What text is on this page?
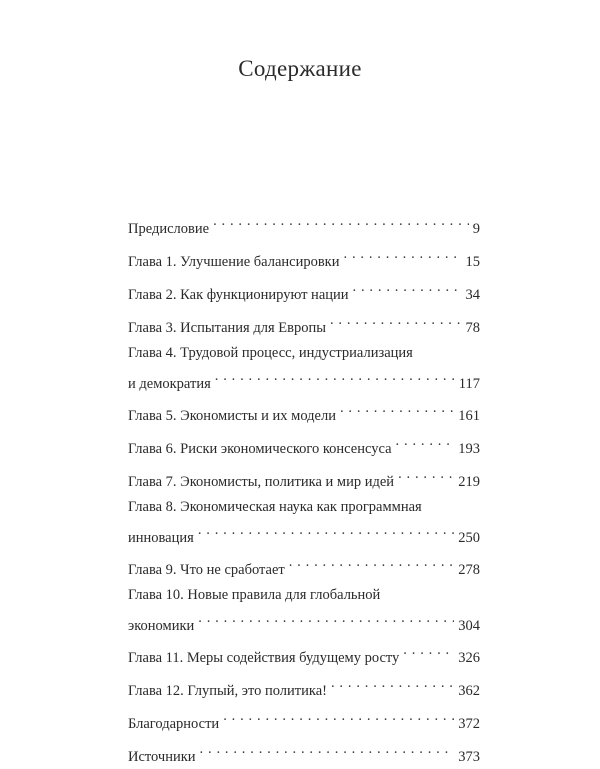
Содержание
Предисловие . . .	9
Глава 1. Улучшение балансировки . . .	15
Глава 2. Как функционируют нации . . .	34
Глава 3. Испытания для Европы . . .	78
Глава 4. Трудовой процесс, индустриализация
и демократия . . .	117
Глава 5. Экономисты и их модели . . .	161
Глава 6. Риски экономического консенсуса . . .	193
Глава 7. Экономисты, политика и мир идей . . .	219
Глава 8. Экономическая наука как программная
инновация . . .	250
Глава 9. Что не сработает . . .	278
Глава 10. Новые правила для глобальной
экономики . . .	304
Глава 11. Меры содействия будущему росту . . .	326
Глава 12. Глупый, это политика! . . .	362
Благодарности . . .	372
Источники . . .	373
